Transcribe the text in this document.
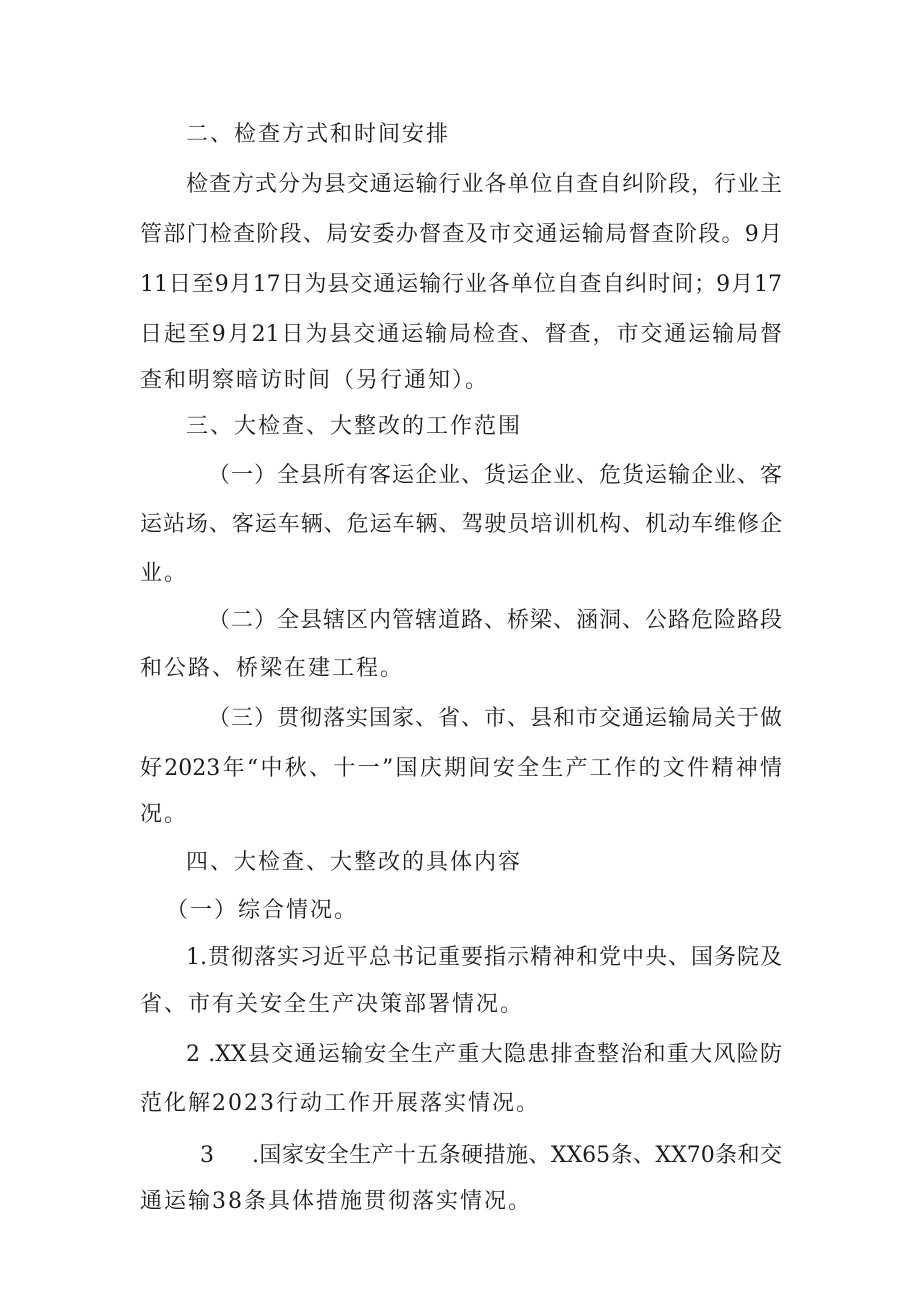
二、检查方式和时间安排
检查方式分为县交通运输行业各单位自查自纠阶段，行业主
管部门检查阶段、局安委办督查及市交通运输局督查阶段。9月
11日至9月17日为县交通运输行业各单位自查自纠时间；9月17
日起至9月21日为县交通运输局检查、督查，市交通运输局督
查和明察暗访时间（另行通知）。
三、大检查、大整改的工作范围
（一）全县所有客运企业、货运企业、危货运输企业、客
运站场、客运车辆、危运车辆、驾驶员培训机构、机动车维修企
业。
（二）全县辖区内管辖道路、桥梁、涵洞、公路危险路段
和公路、桥梁在建工程。
（三）贯彻落实国家、省、市、县和市交通运输局关于做
好2023年“中秋、十一”国庆期间安全生产工作的文件精神情
况。
四、大检查、大整改的具体内容
（一）综合情况。
1.贯彻落实习近平总书记重要指示精神和党中央、国务院及
省、市有关安全生产决策部署情况。
2 .XX县交通运输安全生产重大隐患排查整治和重大风险防
范化解2023行动工作开展落实情况。
3 .国家安全生产十五条硬措施、XX65条、XX70条和交
通运输38条具体措施贯彻落实情况。
